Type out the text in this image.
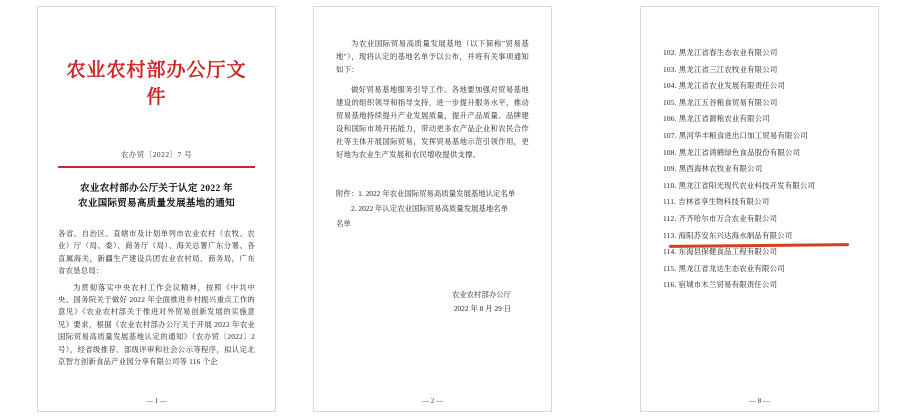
农业农村部办公厅文件
农办贸〔2022〕7 号
农业农村部办公厅关于认定 2022 年
农业国际贸易高质量发展基地的通知

各省、自治区、直辖市及计划单列市农业农村（农牧、农业）厅（局、委）、商务厅（局）、海关总署广东分署、各直属海关，新疆生产建设兵团农业农村局、商务局，广东省农垦总局：

为贯彻落实中央农村工作会议精神，按照《中共中央、国务院关于做好 2022 年全面推进乡村振兴重点工作的意见》《农业农村部关于推进对外贸易创新发展的实施意见》要求，根据《农业农村部办公厅关于开展 2022 年农业国际贸易高质量发展基地认定的通知》（农办贸〔2022〕2 号），经省级推荐、部级评审和社会公示等程序，拟认定北京智方创新食品产业园分享有限公司等 116 个企

— 1 —

为农业国际贸易高质量发展基地（以下简称"贸易基地"），现将认定的基地名单予以公布，并将有关事项通知如下：

做好贸易基地服务引导工作。各地要加强对贸易基地建设的组织领导和指导支持，进一步提升服务水平，推动贸易基地持续提升产业发展质量，提升产品质量、品牌建设和国际市场开拓能力，带动更多农产品企业和农民合作社等主体开展国际贸易，发挥贸易基地示范引领作用，更好地为农业生产发展和农民增收提供支撑。

附件：1. 2022 年农业国际贸易高质量发展基地认定名单

2. 2022 年认定农业国际贸易高质量发展基地名单

名单

农业农村部办公厅
2022 年 8 月 29 日
— 2 —
102. 黑龙江省春生态农业有限公司
103. 黑龙江省三江农牧业有限公司
104. 黑龙江省农业发展有限责任公司
105. 黑龙江五谷粮食贸易有限公司
106. 黑龙江省源粮农业有限公司
107. 黑河华丰粮食进出口加工贸易有限公司
108. 黑龙江省鸿鹤绿色食品股份有限公司
109. 黑西海林农牧业有限公司
110. 黑龙江省阳光现代农业科技开发有限公司
111. 吉林省享生物科技有限公司
112. 齐齐哈尔市万合农业有限公司
113. 海阳苏安东兴达海水制品有限公司
114. 东海县保健食品工程有限公司
115. 黑龙江省龙达生态农业有限公司
116. 宿城市木兰贸易有限责任公司
— 8 —
